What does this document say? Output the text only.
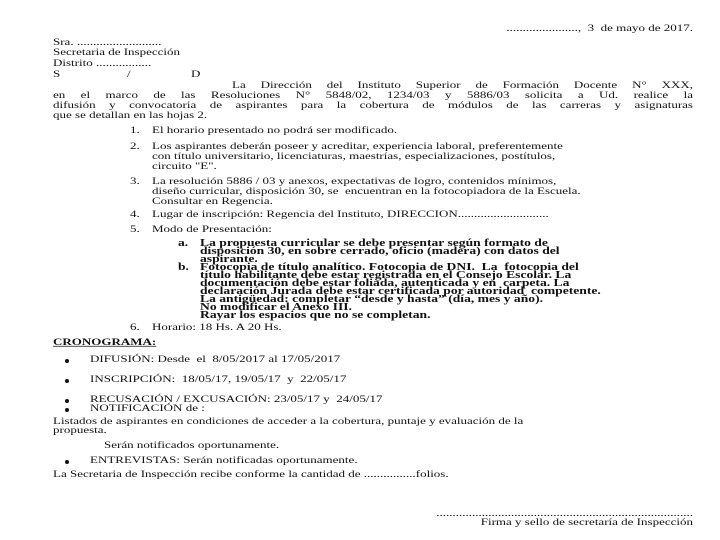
......................,  3  de mayo de 2017.
Sra. ..........................
Secretaria de Inspección
Distrito .................
S	/	D
La Dirección del Instituto Superior de Formación Docente N° XXX,
en el marco de las Resoluciones N° 5848/02, 1234/03 y 5886/03 solicita a Ud. realice la
difusión y convocatoria de aspirantes para la cobertura de módulos de las carreras y asignaturas
que se detallan en las hojas 2.
1. El horario presentado no podrá ser modificado.
2. Los aspirantes deberán poseer y acreditar, experiencia laboral, preferentemente
con título universitario, licenciaturas, maestrías, especializaciones, postítulos,
circuito "E".
3. La resolución 5886 / 03 y anexos, expectativas de logro, contenidos mínimos,
diseño curricular, disposición 30, se  encuentran en la fotocopiadora de la Escuela.
Consultar en Regencia.
4. Lugar de inscripción: Regencia del Instituto, DIRECCION............................
5. Modo de Presentación:
a. La propuesta curricular se debe presentar según formato de
disposición 30, en sobre cerrado, oficio (madera) con datos del
aspirante.
b. Fotocopia de título analítico. Fotocopia de DNI.  La  fotocopia del
título habilitante debe estar registrada en el Consejo Escolar. La
documentación debe estar foliada, autenticada y en  carpeta. La
declaración Jurada debe estar certificada por autoridad  competente.
La antigüedad: completar “desde y hasta” (día, mes y año).
No modificar el Anexo III.
Rayar los espacios que no se completan.
6. Horario: 18 Hs. A 20 Hs.
CRONOGRAMA:
DIFUSIÓN: Desde  el  8/05/2017 al 17/05/2017
INSCRIPCIÓN:  18/05/17, 19/05/17  y  22/05/17
RECUSACIÓN / EXCUSACIÓN: 23/05/17 y  24/05/17
NOTIFICACIÓN de :
Listados de aspirantes en condiciones de acceder a la cobertura, puntaje y evaluación de la
propuesta.
Serán notificados oportunamente.
ENTREVISTAS: Serán notificadas oportunamente.
La Secretaria de Inspección recibe conforme la cantidad de ................folios.
...............................................................................
Firma y sello de secretaría de Inspección
